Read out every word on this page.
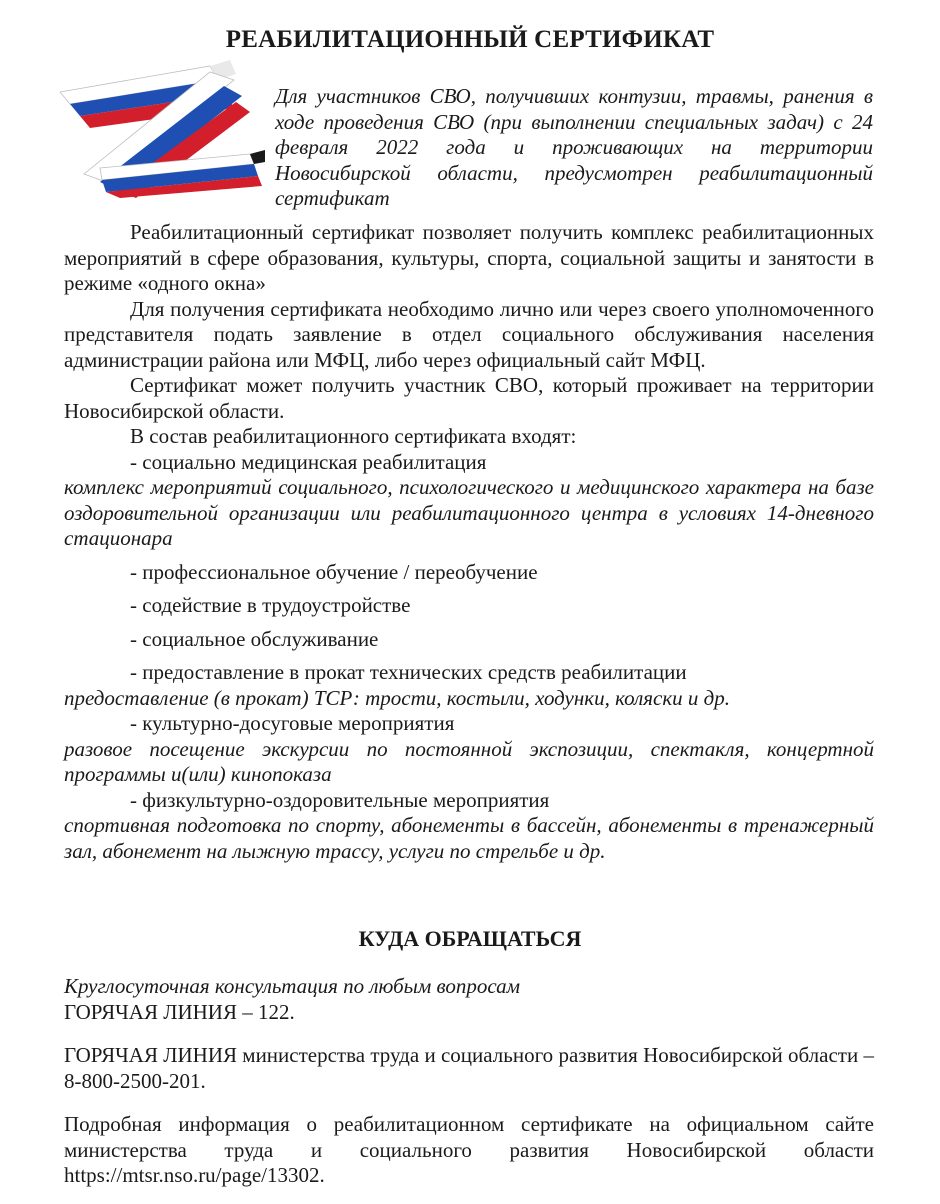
РЕАБИЛИТАЦИОННЫЙ СЕРТИФИКАТ
Для участников СВО, получивших контузии, травмы, ранения в ходе проведения СВО (при выполнении специальных задач) с 24 февраля 2022 года и проживающих на территории Новосибирской области, предусмотрен реабилитационный сертификат

Реабилитационный сертификат позволяет получить комплекс реабилитационных мероприятий в сфере образования, культуры, спорта, социальной защиты и занятости в режиме «одного окна»

Для получения сертификата необходимо лично или через своего уполномоченного представителя подать заявление в отдел социального обслуживания населения администрации района или МФЦ, либо через официальный сайт МФЦ.

Сертификат может получить участник СВО, который проживает на территории Новосибирской области.

В состав реабилитационного сертификата входят:

- социально медицинская реабилитация

комплекс мероприятий социального, психологического и медицинского характера на базе оздоровительной организации или реабилитационного центра в условиях 14-дневного стационара

- профессиональное обучение / переобучение

- содействие в трудоустройстве

- социальное обслуживание

- предоставление в прокат технических средств реабилитации

предоставление (в прокат) ТСР: трости, костыли, ходунки, коляски и др.

- культурно-досуговые мероприятия

разовое посещение экскурсии по постоянной экспозиции, спектакля, концертной программы и(или) кинопоказа

- физкультурно-оздоровительные мероприятия

спортивная подготовка по спорту, абонементы в бассейн, абонементы в тренажерный зал, абонемент на лыжную трассу, услуги по стрельбе и др.

КУДА ОБРАЩАТЬСЯ
Круглосуточная консультация по любым вопросам
ГОРЯЧАЯ ЛИНИЯ – 122.
ГОРЯЧАЯ ЛИНИЯ министерства труда и социального развития Новосибирской области – 8-800-2500-201.
Подробная информация о реабилитационном сертификате на официальном сайте министерства труда и социального развития Новосибирской области https://mtsr.nso.ru/page/13302.
